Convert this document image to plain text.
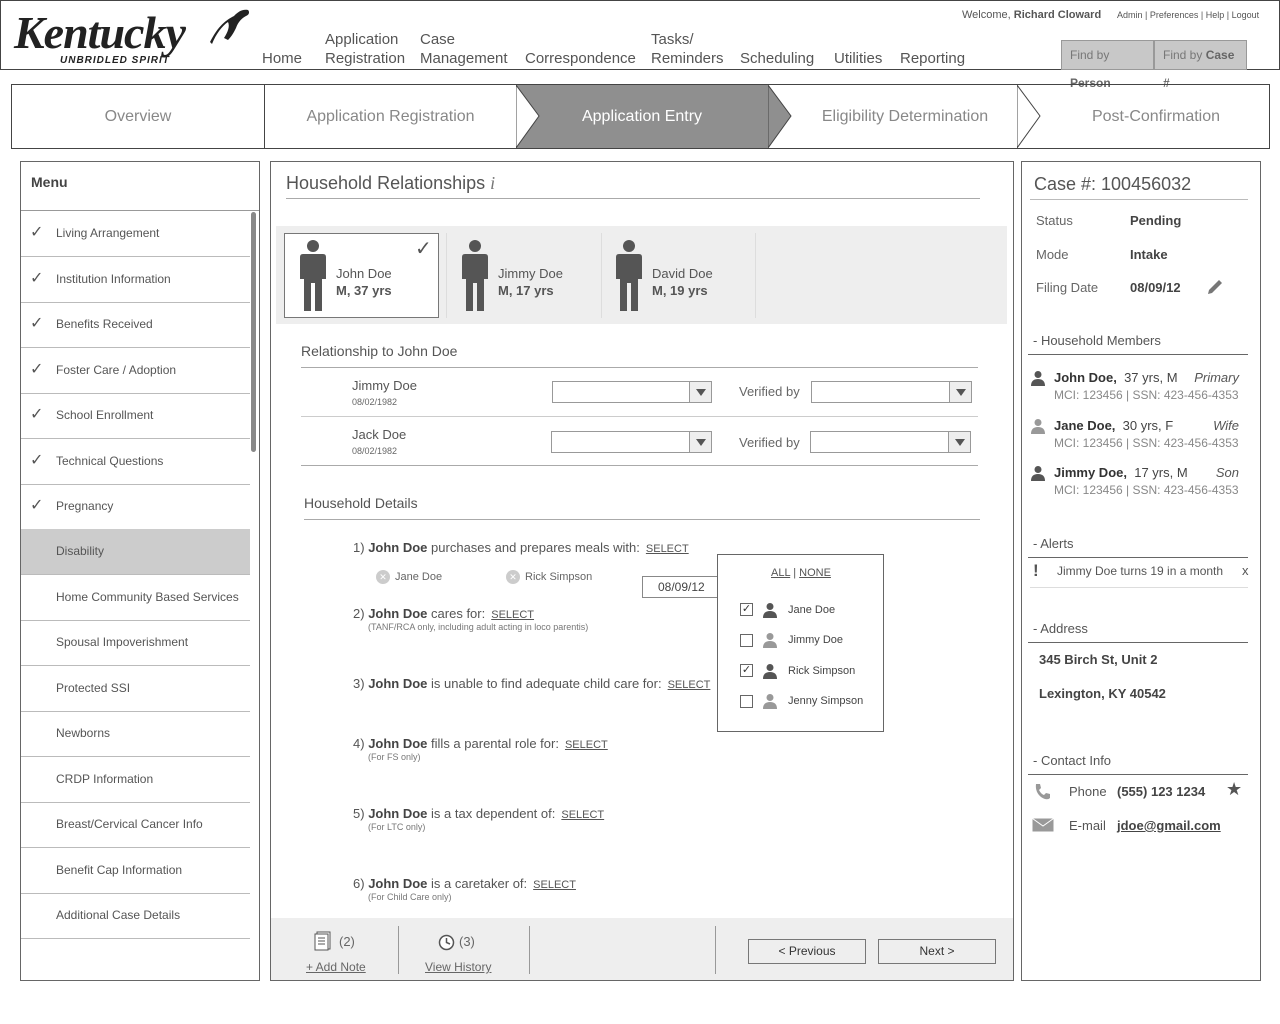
Kentucky
UNBRIDLED SPIRIT	Home
Application
Registration
Case
Management Correspondence
Tasks/
Reminders Scheduling Utilities Reporting
Welcome, Richard Cloward Admin | Preferences | Help | Logout
Find by Person
Find by Case #
Overview	Application Registration	Application Entry	Eligibility Determination	Post-Confirmation
Menu
✓ Living Arrangement
✓ Institution Information
✓ Benefits Received
✓ Foster Care / Adoption
✓ School Enrollment
✓ Technical Questions
✓ Pregnancy
Disability
Home Community Based Services
Spousal Impoverishment
Protected SSI
Newborns
CRDP Information
Breast/Cervical Cancer Info
Benefit Cap Information
Additional Case Details
Household Relationships i
✓
John Doe
M, 37 yrs
Jimmy Doe
M, 17 yrs
David Doe
M, 19 yrs
Relationship to John Doe
Jimmy Doe
08/02/1982
Verified by
Jack Doe
08/02/1982
Verified by
Household Details
1) John Doe purchases and prepares meals with: SELECT
✕ Jane Doe	✕ Rick Simpson
08/09/12
2) John Doe cares for: SELECT
(TANF/RCA only, including adult acting in loco parentis)
3) John Doe is unable to find adequate child care for: SELECT
4) John Doe fills a parental role for: SELECT
(For FS only)
5) John Doe is a tax dependent of: SELECT
(For LTC only)
6) John Doe is a caretaker of: SELECT
(For Child Care only)
ALL | NONE
✓	Jane Doe
Jimmy Doe
✓	Rick Simpson
Jenny Simpson
(2)
+ Add Note
(3)
View History
< Previous	Next >
Case #: 100456032
Status	Pending
Mode	Intake
Filing Date 08/09/12
- Household Members
John Doe, 37 yrs, M	Primary
MCI: 123456 | SSN: 423-456-4353
Jane Doe, 30 yrs, F	Wife
MCI: 123456 | SSN: 423-456-4353
Jimmy Doe, 17 yrs, M	Son
MCI: 123456 | SSN: 423-456-4353
- Alerts
! Jimmy Doe turns 19 in a month x
- Address
345 Birch St, Unit 2
Lexington, KY 40542
- Contact Info
Phone (555) 123 1234 ★
E-mail jdoe@gmail.com
